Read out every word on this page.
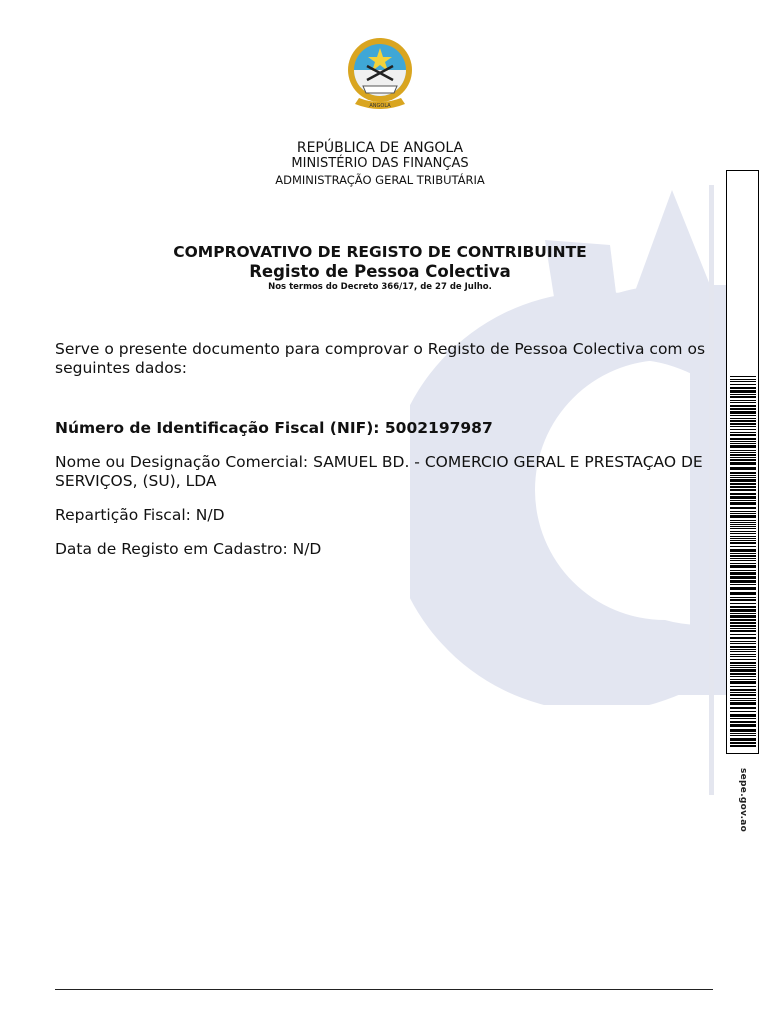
ANGOLA
REPÚBLICA DE ANGOLA
MINISTÉRIO DAS FINANÇAS
ADMINISTRAÇÃO GERAL TRIBUTÁRIA
COMPROVATIVO DE REGISTO DE CONTRIBUINTE
Registo de Pessoa Colectiva
Nos termos do Decreto 366/17, de 27 de Julho.
Serve o presente documento para comprovar o Registo de Pessoa Colectiva com os seguintes dados:
Número de Identificação Fiscal (NIF): 5002197987
Nome ou Designação Comercial: SAMUEL BD. - COMERCIO GERAL E PRESTAÇAO DE SERVIÇOS, (SU), LDA
Repartição Fiscal: N/D
Data de Registo em Cadastro: N/D
sepe.gov.ao
